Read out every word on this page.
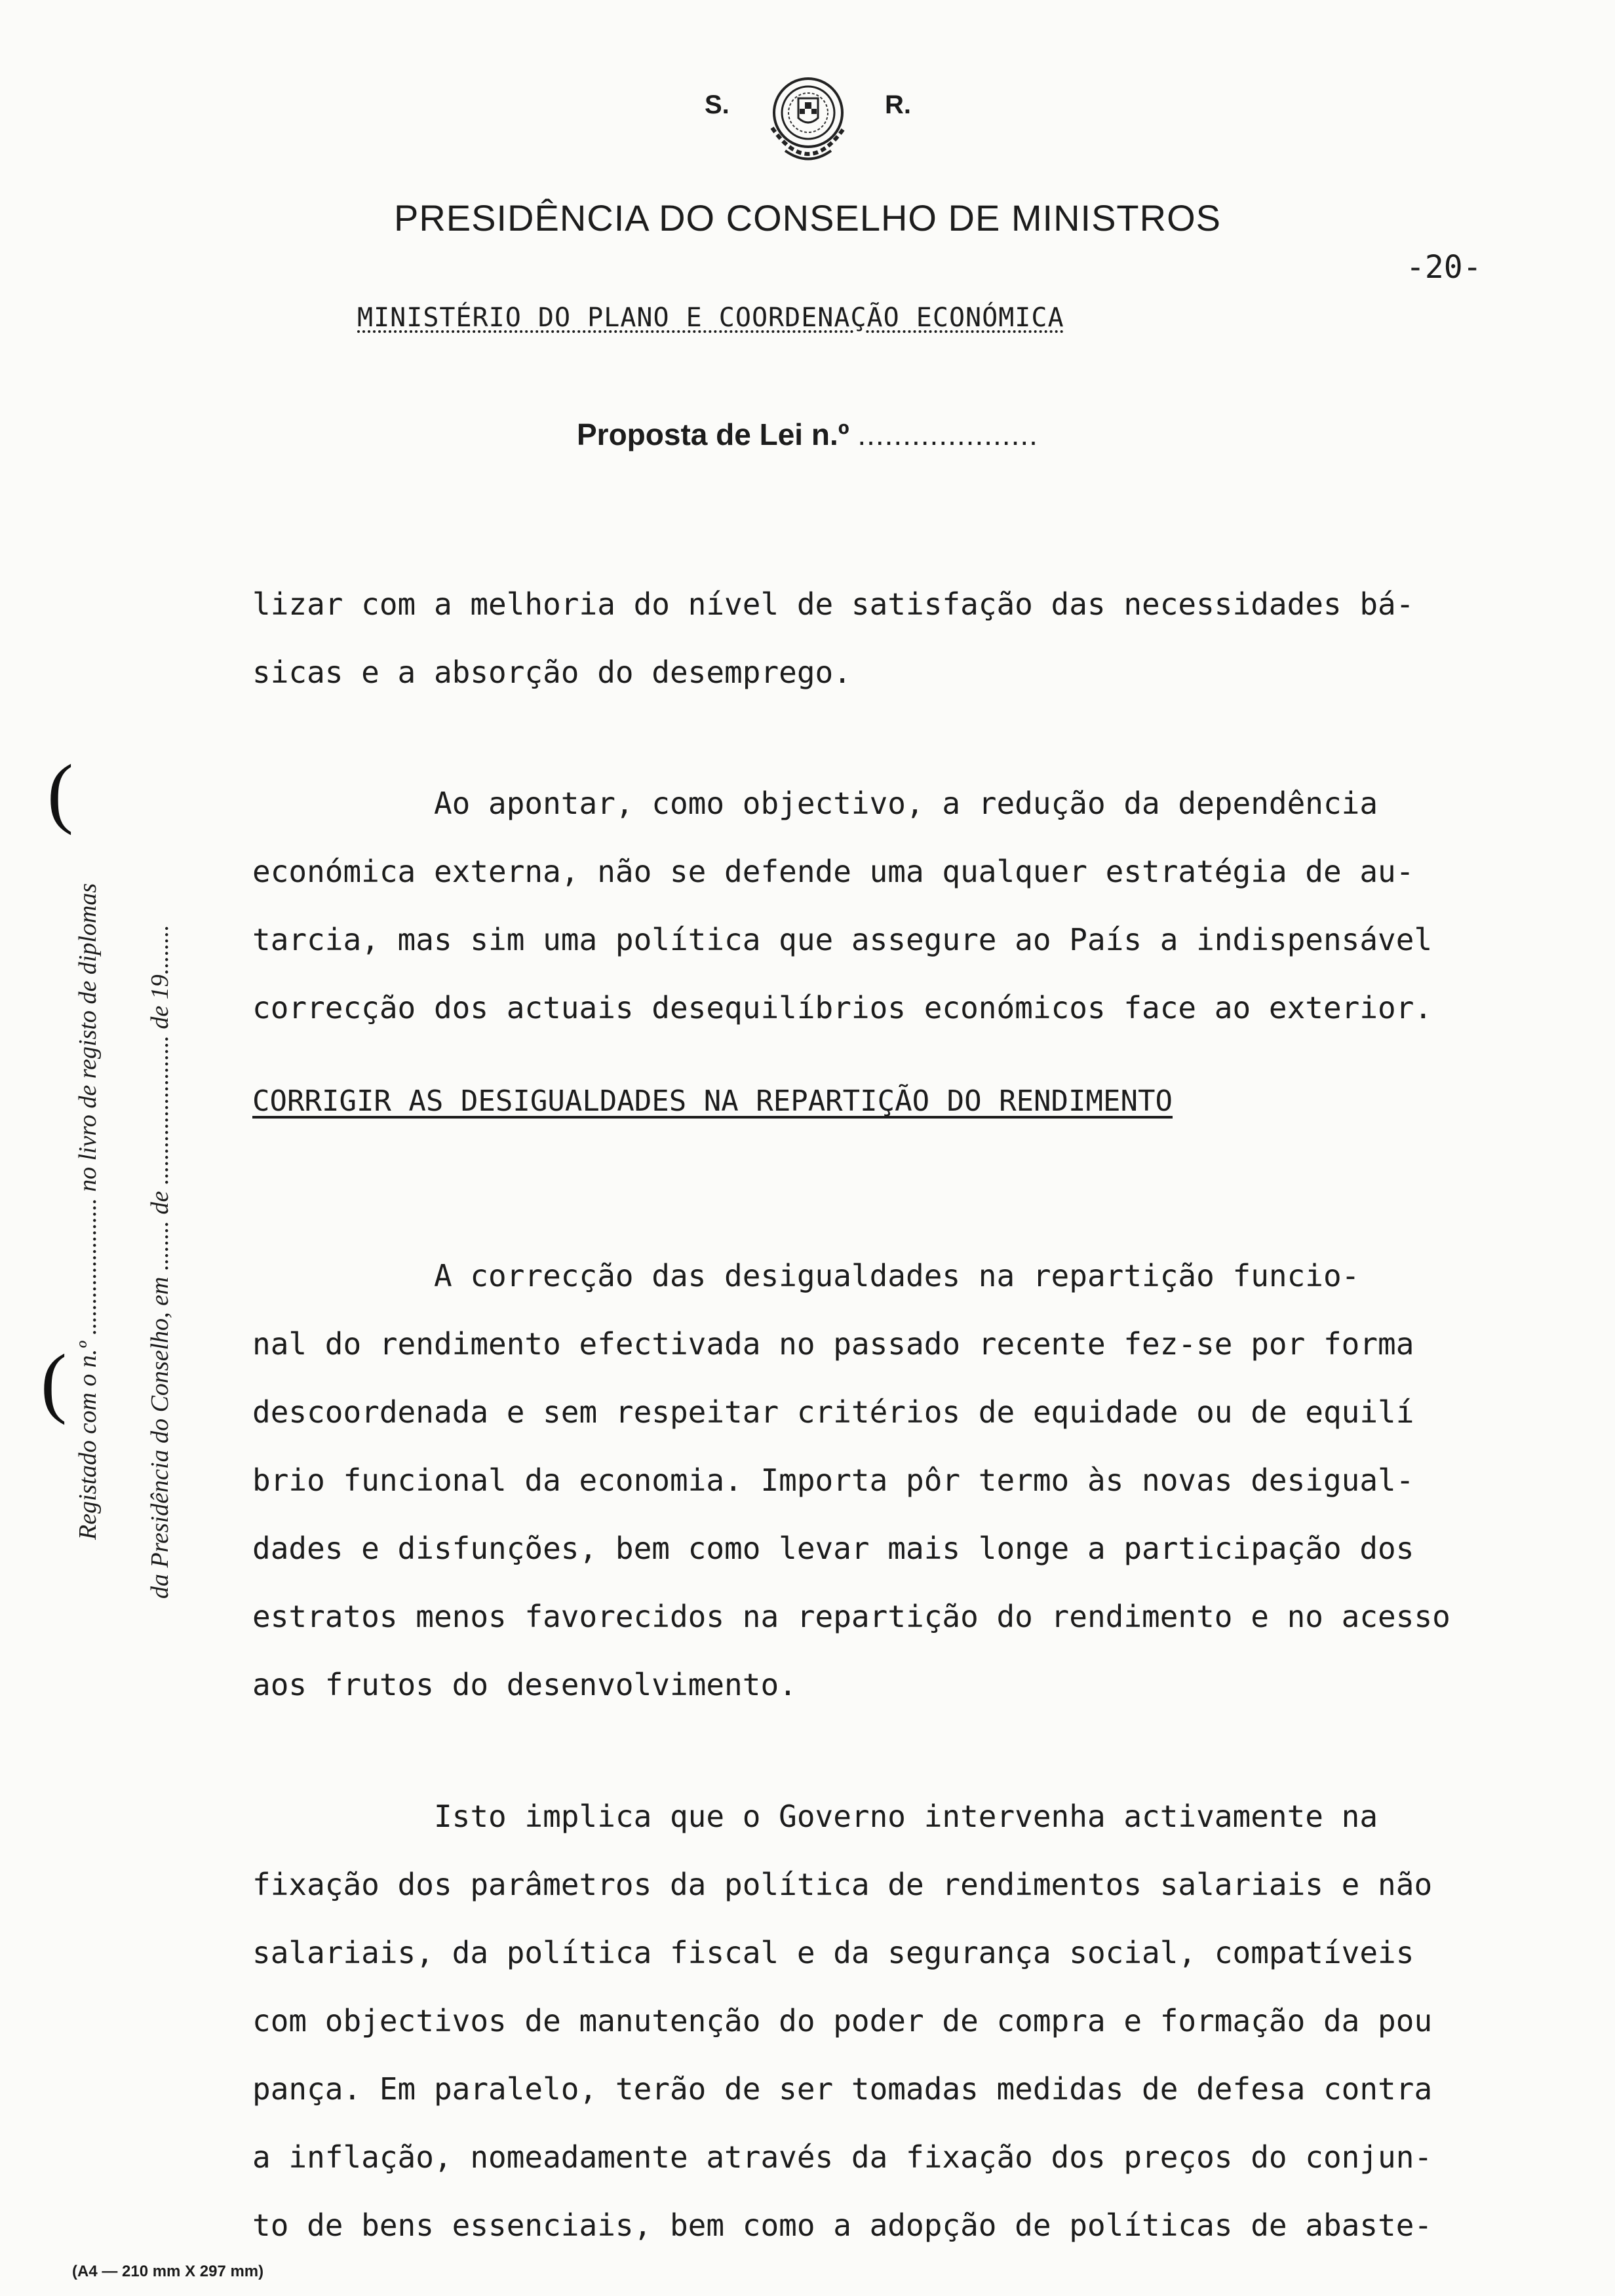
S.	R.
PRESIDÊNCIA DO CONSELHO DE MINISTROS
-20-
MINISTÉRIO DO PLANO E COORDENAÇÃO ECONÓMICA
Proposta de Lei n.º ....................
(
( Registado com o n.º ...................... no livro de registo de diplomas da Presidência do Conselho, em ........ de ........................ de 19........
lizar com a melhoria do nível de satisfação das necessidades bá-
sicas e a absorção do desemprego.
Ao apontar, como objectivo, a redução da dependência
económica externa, não se defende uma qualquer estratégia de au-
tarcia, mas sim uma política que assegure ao País a indispensável
correcção dos actuais desequilíbrios económicos face ao exterior.
CORRIGIR AS DESIGUALDADES NA REPARTIÇÃO DO RENDIMENTO
A correcção das desigualdades na repartição funcio-
nal do rendimento efectivada no passado recente fez-se por forma
descoordenada e sem respeitar critérios de equidade ou de equilí
brio funcional da economia. Importa pôr termo às novas desigual-
dades e disfunções, bem como levar mais longe a participação dos
estratos menos favorecidos na repartição do rendimento e no acesso
aos frutos do desenvolvimento.
Isto implica que o Governo intervenha activamente na
fixação dos parâmetros da política de rendimentos salariais e não
salariais, da política fiscal e da segurança social, compatíveis
com objectivos de manutenção do poder de compra e formação da pou
pança. Em paralelo, terão de ser tomadas medidas de defesa contra
a inflação, nomeadamente através da fixação dos preços do conjun-
to de bens essenciais, bem como a adopção de políticas de abaste-
(A4 — 210 mm X 297 mm)
